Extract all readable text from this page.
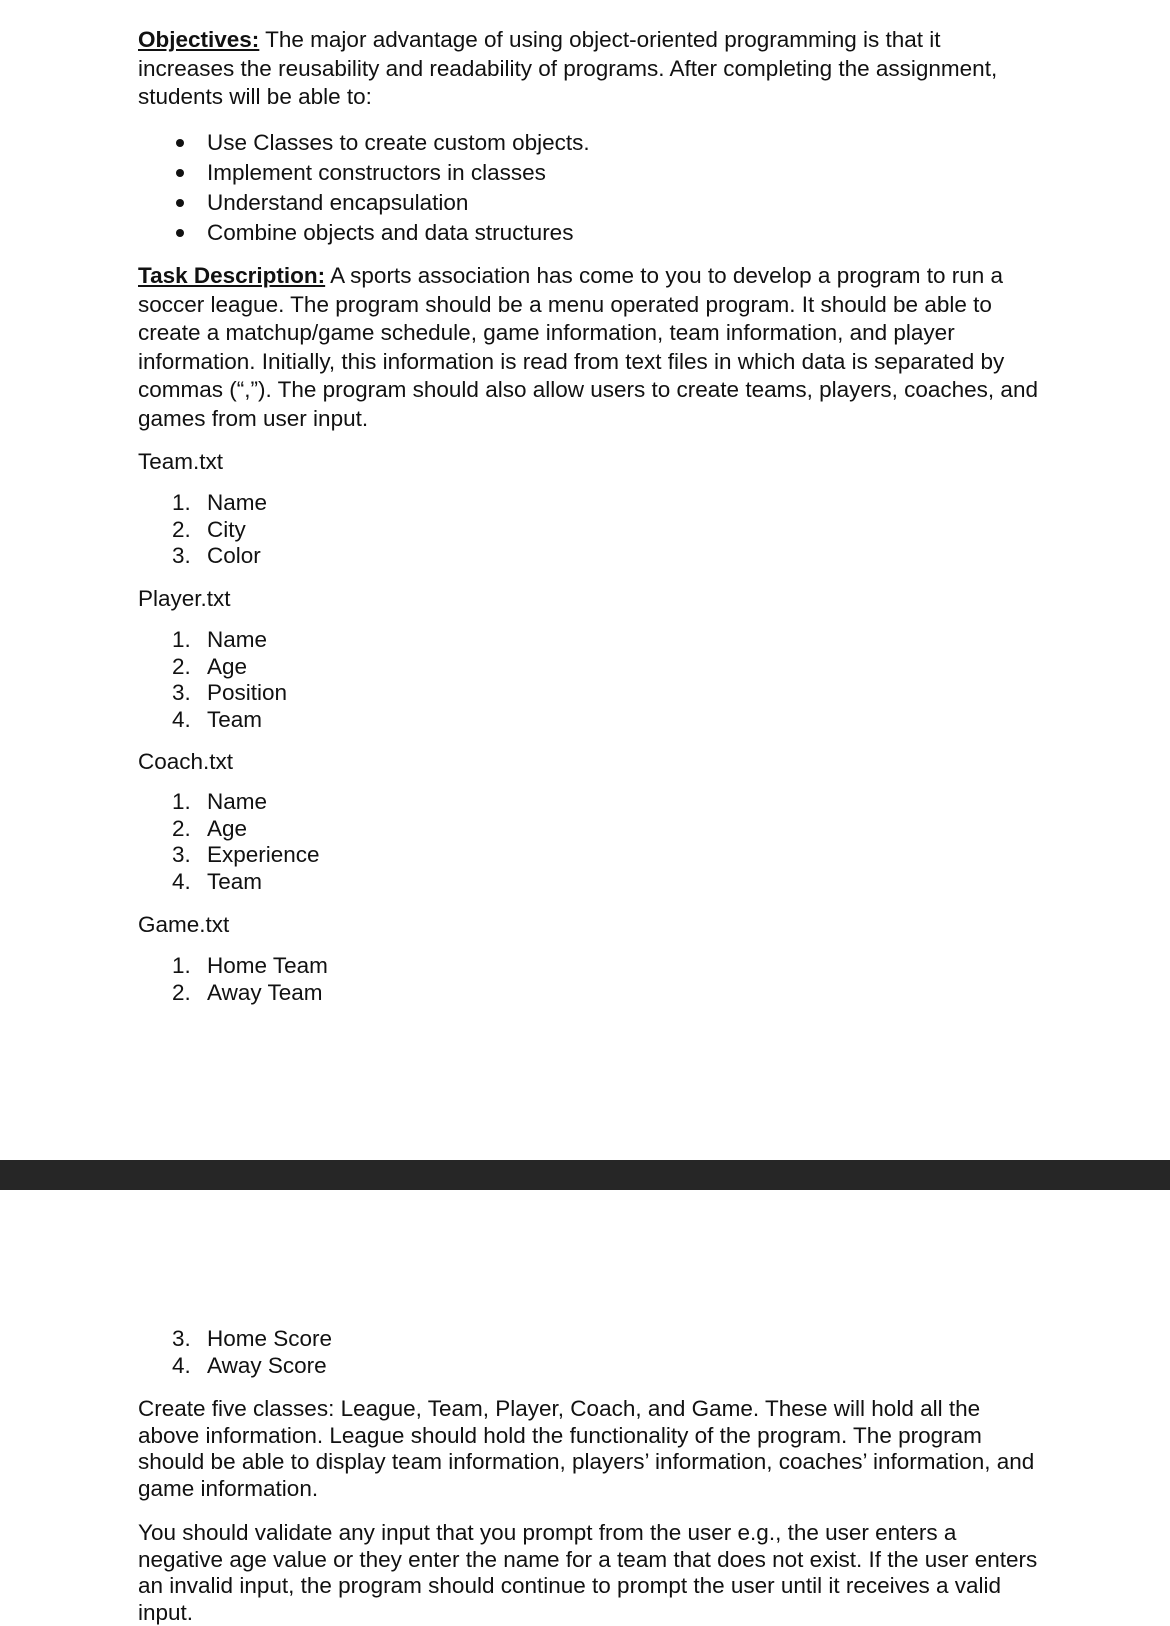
Objectives: The major advantage of using object-oriented programming is that it increases the reusability and readability of programs. After completing the assignment, students will be able to:

Use Classes to create custom objects.
Implement constructors in classes
Understand encapsulation
Combine objects and data structures

Task Description: A sports association has come to you to develop a program to run a soccer league. The program should be a menu operated program. It should be able to create a matchup/game schedule, game information, team information, and player information. Initially, this information is read from text files in which data is separated by commas (“,”). The program should also allow users to create teams, players, coaches, and games from user input.

Team.txt

1. Name
2. City
3. Color

Player.txt

1. Name
2. Age
3. Position
4. Team

Coach.txt

1. Name
2. Age
3. Experience
4. Team

Game.txt

1. Home Team
2. Away Team
3. Home Score
4. Away Score

Create five classes: League, Team, Player, Coach, and Game. These will hold all the above information. League should hold the functionality of the program. The program should be able to display team information, players’ information, coaches’ information, and game information.

You should validate any input that you prompt from the user e.g., the user enters a negative age value or they enter the name for a team that does not exist. If the user enters an invalid input, the program should continue to prompt the user until it receives a valid input.
